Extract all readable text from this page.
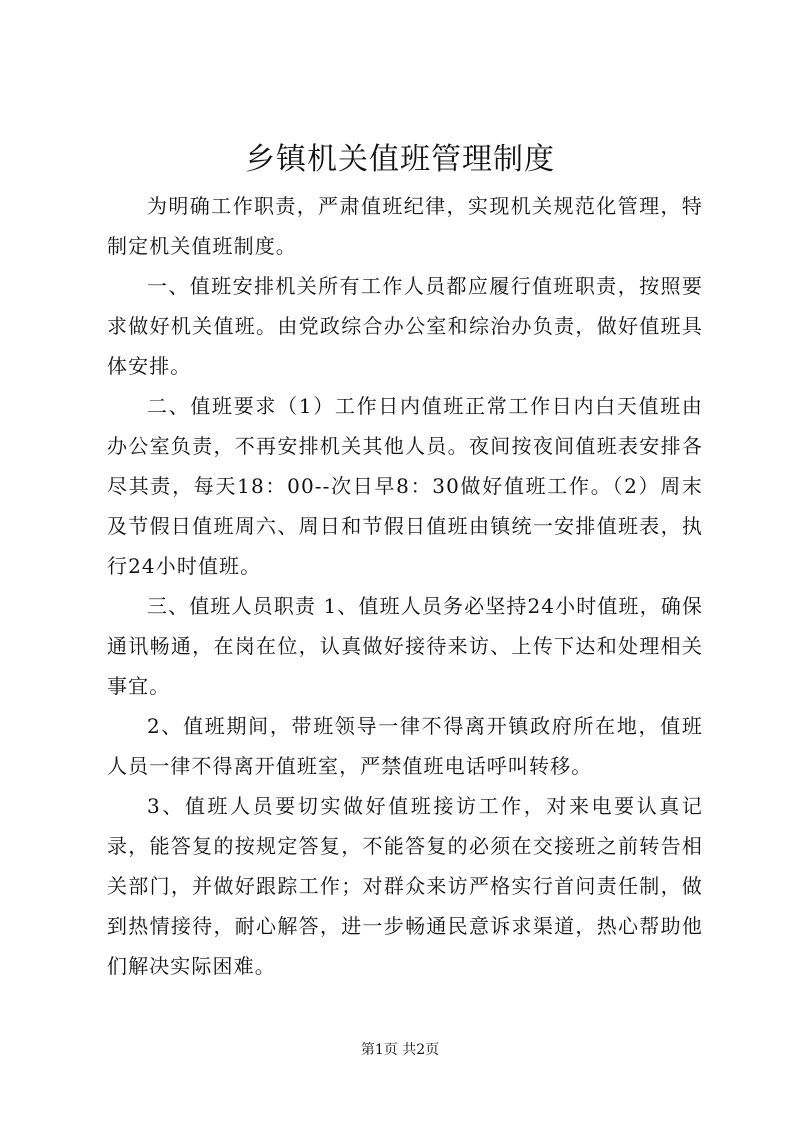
乡镇机关值班管理制度

为明确工作职责，严肃值班纪律，实现机关规范化管理，特制定机关值班制度。

一、值班安排机关所有工作人员都应履行值班职责，按照要求做好机关值班。由党政综合办公室和综治办负责，做好值班具体安排。

二、值班要求（1）工作日内值班正常工作日内白天值班由办公室负责，不再安排机关其他人员。夜间按夜间值班表安排各尽其责，每天18：00--次日早8：30做好值班工作。（2）周末及节假日值班周六、周日和节假日值班由镇统一安排值班表，执行24小时值班。

三、值班人员职责 1、值班人员务必坚持24小时值班，确保通讯畅通，在岗在位，认真做好接待来访、上传下达和处理相关事宜。

2、值班期间，带班领导一律不得离开镇政府所在地，值班人员一律不得离开值班室，严禁值班电话呼叫转移。

3、值班人员要切实做好值班接访工作，对来电要认真记录，能答复的按规定答复，不能答复的必须在交接班之前转告相关部门，并做好跟踪工作；对群众来访严格实行首问责任制，做到热情接待，耐心解答，进一步畅通民意诉求渠道，热心帮助他们解决实际困难。

第1页 共2页
